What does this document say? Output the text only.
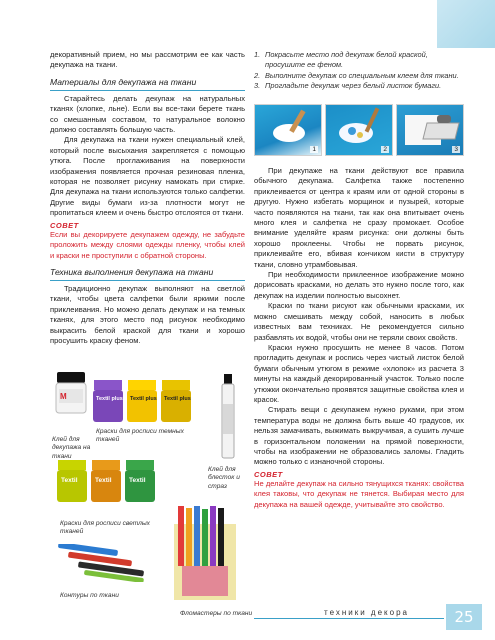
декоративный прием, но мы рассмотрим ее как часть декупажа на ткани.

Материалы для декупажа на ткани

Старайтесь делать декупаж на натуральных тканях (хлопке, льне). Если вы все-таки берете ткань со смешанным составом, то натуральное волокно должно составлять большую часть.

Для декупажа на ткани нужен специальный клей, который после высыхания закрепляется с помощью утюга. После проглаживания на поверхности изображения появляется прочная резиновая пленка, которая не позволяет рисунку намокать при стирке. Для декупажа на ткани используются только салфетки. Другие виды бумаги из-за плотности могут не пропитаться клеем и очень быстро отслоятся от ткани.

СОВЕТ

Если вы декорируете декупажем одежду, не забудьте проложить между слоями одежды пленку, чтобы клей и краски не проступили с обратной стороны.

Техника выполнения декупажа на ткани

Традиционно декупаж выполняют на светлой ткани, чтобы цвета салфетки были яркими после приклеивания. Но можно делать декупаж и на темных тканях, для этого место под рисунок необходимо выкрасить белой краской для ткани и хорошо просушить краску феном.

M
Клей для декупажа на ткани
Textil plus Textil plus Textil plus
Краски для росписи темных тканей
Клей для блесток и страз
Textil	Textil	Textil
Краски для росписи светлых тканей
Контуры по ткани
Фломастеры по ткани
1. Покрасьте место под декупаж белой краской, просушите ее феном.
2. Выполните декупаж со специальным клеем для ткани.
3. Прогладьте декупаж через белый листок бумаги.
1	2	3

При декупаже на ткани действуют все правила обычного декупажа. Салфетка также постепенно приклеивается от центра к краям или от одной стороны в другую. Нужно избегать морщинок и пузырей, которые часто появляются на ткани, так как она впитывает очень много клея и салфетка не сразу промокает. Особое внимание уделяйте краям рисунка: они должны быть хорошо проклеены. Чтобы не порвать рисунок, приклеивайте его, вбивая кончиком кисти в структуру ткани, словно утрамбовывая.

При необходимости приклеенное изображение можно дорисовать красками, но делать это нужно после того, как декупаж на изделии полностью высохнет.

Краски по ткани рисуют как обычными красками, их можно смешивать между собой, наносить в любых известных вам техниках. Не рекомендуется сильно разбавлять их водой, чтобы они не теряли своих свойств.

Краски нужно просушить не менее 8 часов. Потом прогладить декупаж и роспись через чистый листок белой бумаги обычным утюгом в режиме «хлопок» из расчета 3 минуты на каждый декорированный участок. Только после утюжки окончательно проявятся защитные свойства клея и красок.

Стирать вещи с декупажем нужно руками, при этом температура воды не должна быть выше 40 градусов, их нельзя замачивать, выжимать выкручивая, а сушить лучше в горизонтальном положении на прямой поверхности, чтобы на изображении не образовались заломы. Гладить можно только с изнаночной стороны.

СОВЕТ

Не делайте декупаж на сильно тянущихся тканях: свойства клея таковы, что декупаж не тянется. Выбирая место для декупажа на вашей одежде, учитывайте это свойство.

техники декора	25
